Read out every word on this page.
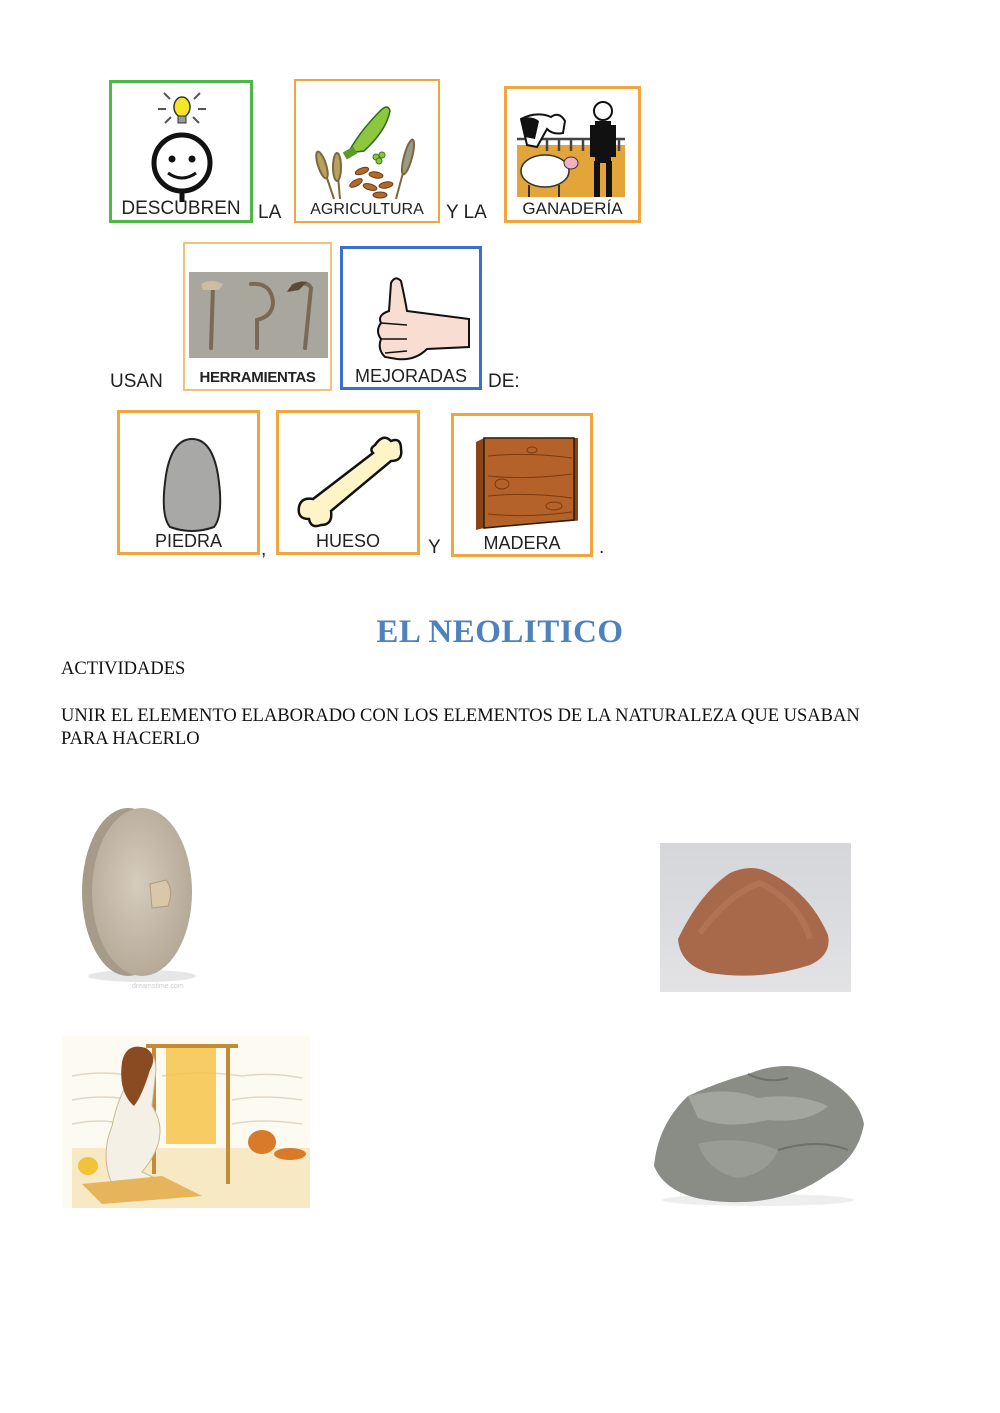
DESCUBREN LA	AGRICULTURA	Y LA	GANADERÍA
USAN	HERRAMIENTAS	MEJORADAS	DE:
PIEDRA	,	HUESO	Y	MADERA	.
EL NEOLITICO
ACTIVIDADES
UNIR EL ELEMENTO ELABORADO CON LOS ELEMENTOS DE LA NATURALEZA QUE USABAN
PARA HACERLO
dreamstime.com
